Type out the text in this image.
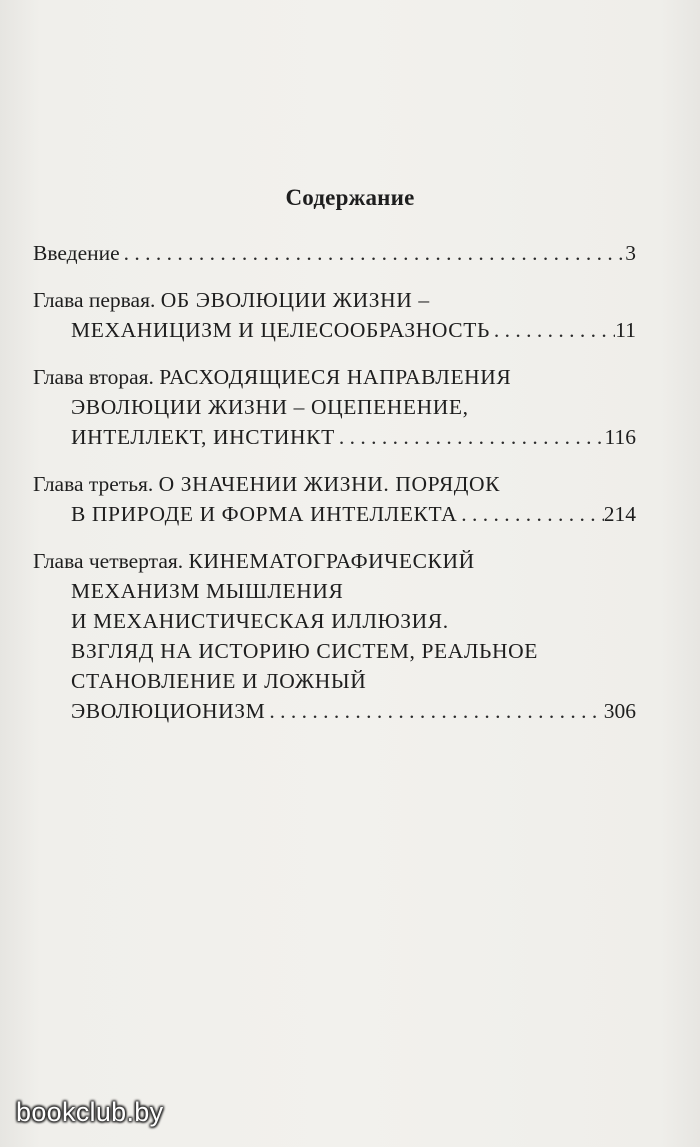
Содержание
Введение . . .	3
Глава первая. ОБ ЭВОЛЮЦИИ ЖИЗНИ –
МЕХАНИЦИЗМ И ЦЕЛЕСООБРАЗНОСТЬ . . .	11
Глава вторая. РАСХОДЯЩИЕСЯ НАПРАВЛЕНИЯ
ЭВОЛЮЦИИ ЖИЗНИ – ОЦЕПЕНЕНИЕ,
ИНТЕЛЛЕКТ, ИНСТИНКТ . . .	116
Глава третья. О ЗНАЧЕНИИ ЖИЗНИ. ПОРЯДОК
В ПРИРОДЕ И ФОРМА ИНТЕЛЛЕКТА . . .	214
Глава четвертая. КИНЕМАТОГРАФИЧЕСКИЙ
МЕХАНИЗМ МЫШЛЕНИЯ
И МЕХАНИСТИЧЕСКАЯ ИЛЛЮЗИЯ.
ВЗГЛЯД НА ИСТОРИЮ СИСТЕМ, РЕАЛЬНОЕ
СТАНОВЛЕНИЕ И ЛОЖНЫЙ
ЭВОЛЮЦИОНИЗМ . . .	306
bookclub.by
